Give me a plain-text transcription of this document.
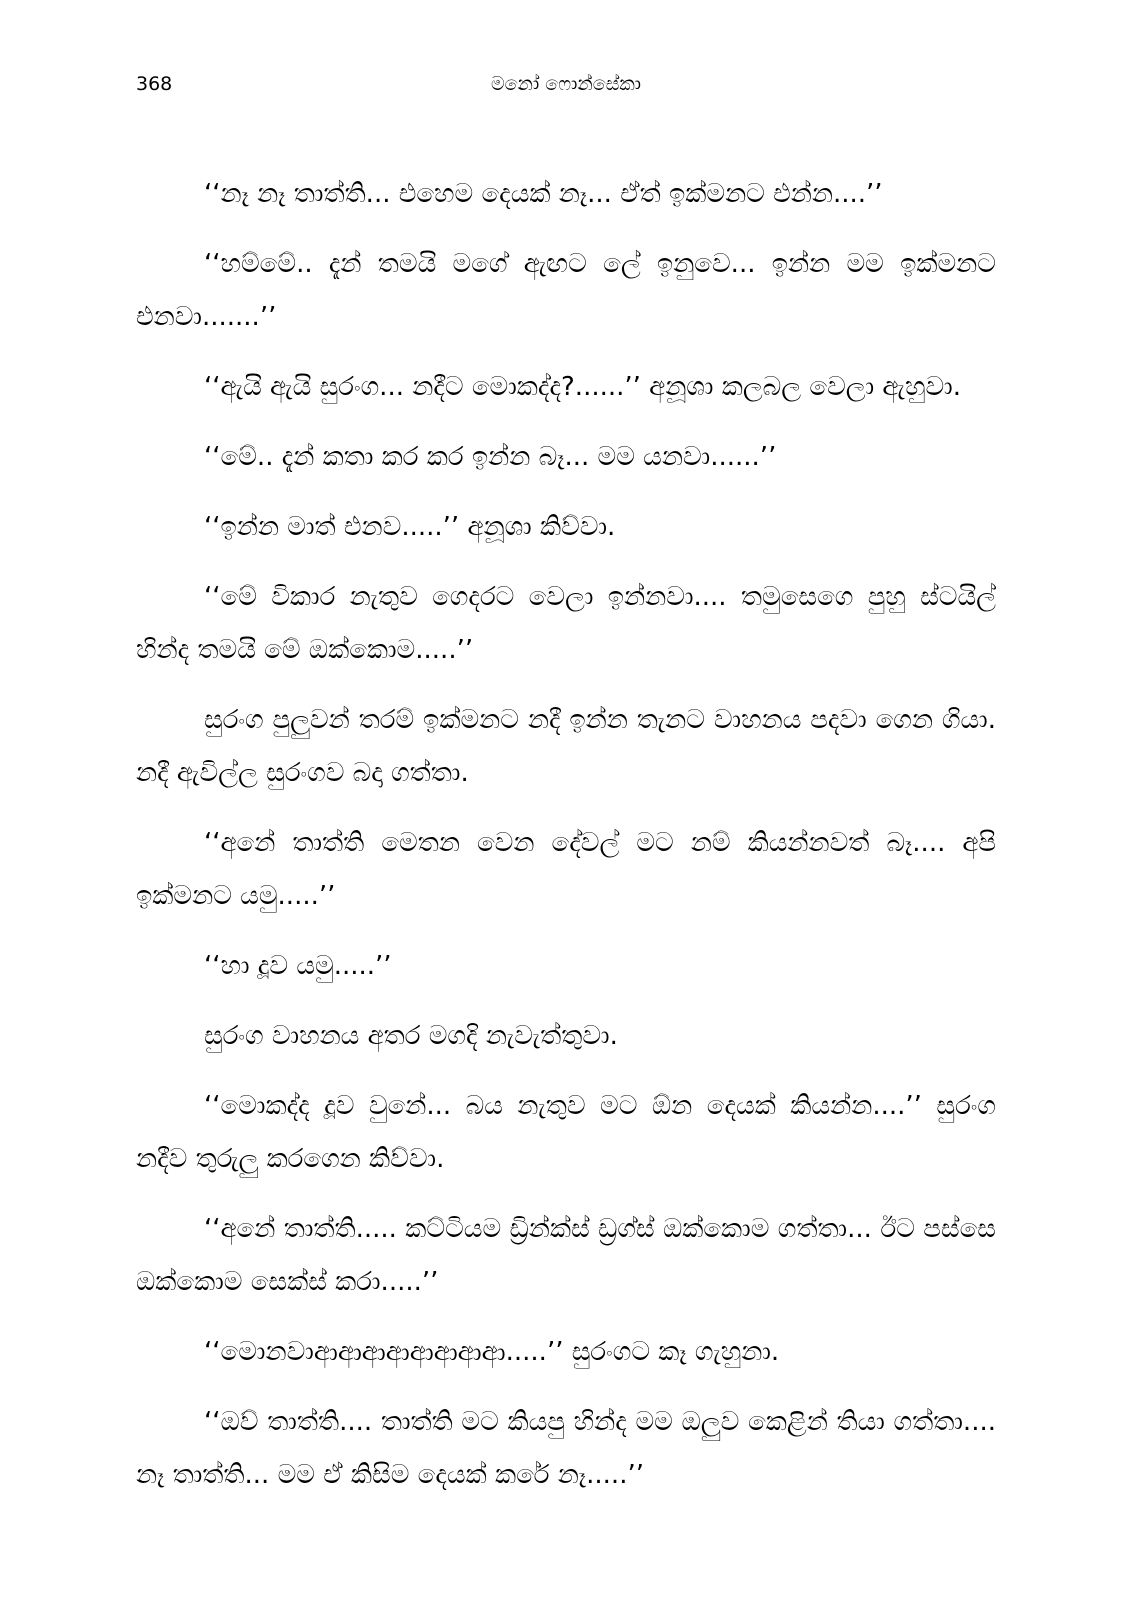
368	මනෝ ෆොන්සේකා

‘‘නෑ නෑ තාත්ති... එහෙම දෙයක් නෑ... ඒත් ඉක්මනට එන්න....’’

‘‘හම්මේ.. දැන් තමයි මගේ ඇඟට ලේ ඉනුවෙ... ඉන්න මම ඉක්මනට එනවා.......’’

‘‘ඇයි ඇයි සුරංග... නදීට මොකද්ද?......’’ අනූශා කලබල වෙලා ඇහුවා.

‘‘මේ.. දැන් කතා කර කර ඉන්න බෑ... මම යනවා......’’

‘‘ඉන්න මාත් එනව.....’’ අනූශා කිව්වා.

‘‘මේ විකාර නැතුව ගෙදරට වෙලා ඉන්නවා.... තමුසෙගෙ පුහු ස්ටයිල් හින්ද තමයි මේ ඔක්කොම.....’’

සුරංග පුලුවන් තරම් ඉක්මනට නදී ඉන්න තැනට වාහනය පදවා ගෙන ගියා. නදී ඇවිල්ල සුරංගව බදා ගත්තා.

‘‘අනේ තාත්ති මෙතන වෙන දේවල් මට නම් කියන්නවත් බෑ.... අපි ඉක්මනට යමු.....’’

‘‘හා දූව යමු.....’’

සුරංග වාහනය අතර මගදි නැවැත්තුවා.

‘‘මොකද්ද දූව වුනේ... බය නැතුව මට ඕන දෙයක් කියන්න....’’ සුරංග නදීව තුරුලු කරගෙන කිව්වා.

‘‘අනේ තාත්ති..... කට්ටියම ඩ්‍රින්ක්ස් ඩ්‍රග්ස් ඔක්කොම ගත්තා... ඊට පස්සෙ ඔක්කොම සෙක්ස් කරා.....’’

‘‘මොනවාආආආආආආආආ.....’’ සුරංගට කෑ ගැහුනා.

‘‘ඔව් තාත්ති.... තාත්ති මට කියපු හින්ද මම ඔලුව කෙළින් තියා ගත්තා.... නෑ තාත්ති... මම ඒ කිසිම දෙයක් කරේ නෑ.....’’
